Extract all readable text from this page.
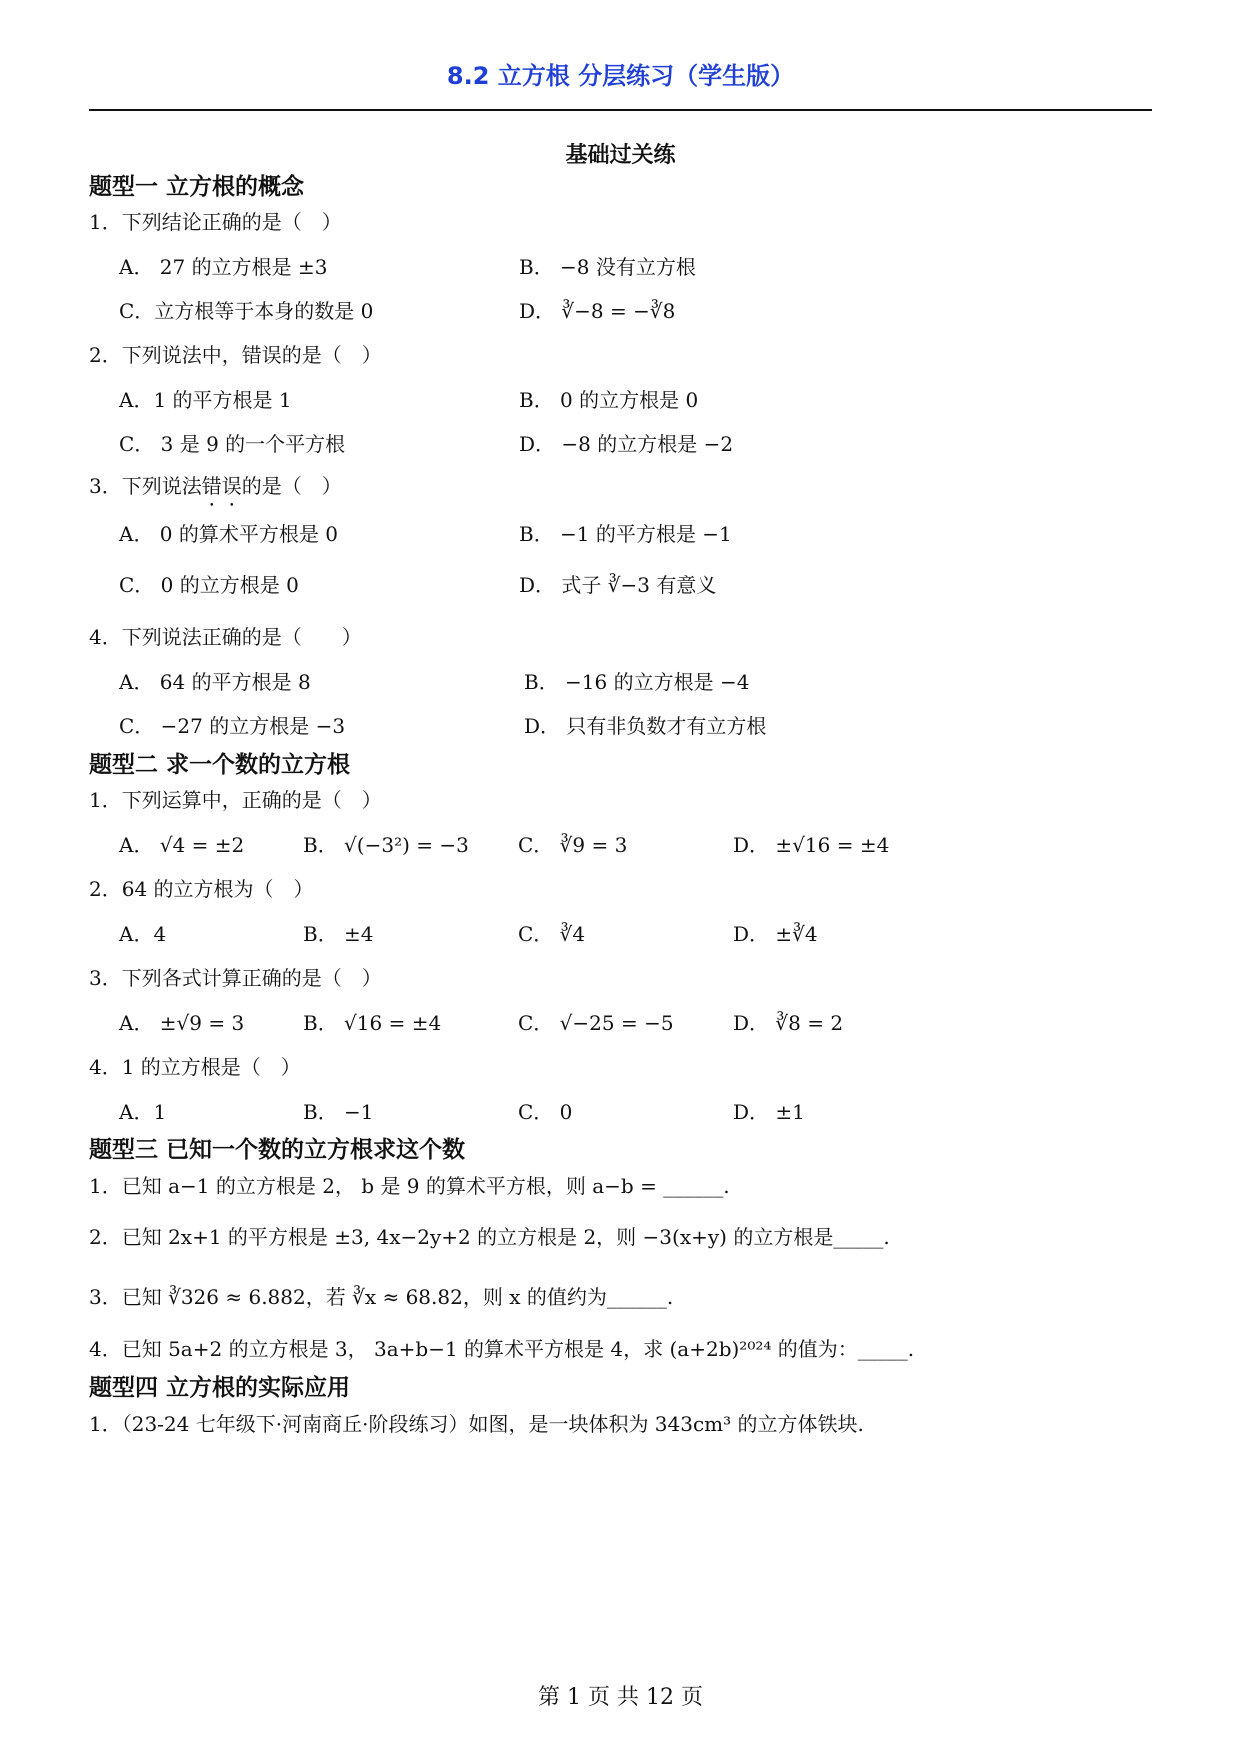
8.2 立方根 分层练习（学生版）
基础过关练
题型一 立方根的概念
1．下列结论正确的是（　）
A． 27 的立方根是 ±3	B． −8 没有立方根
C．立方根等于本身的数是 0	D． ∛−8 = −∛8
2．下列说法中，错误的是（　）
A．1 的平方根是 1	B． 0 的立方根是 0
C． 3 是 9 的一个平方根	D． −8 的立方根是 −2
3．下列说法错误的是（　）
A． 0 的算术平方根是 0	B． −1 的平方根是 −1
C． 0 的立方根是 0	D． 式子 ∛−3 有意义
4．下列说法正确的是（　　）
A． 64 的平方根是 8	B． −16 的立方根是 −4
C． −27 的立方根是 −3	D． 只有非负数才有立方根
题型二 求一个数的立方根
1．下列运算中，正确的是（　）
A． √4 = ±2	B． √(−3²) = −3 C． ∛9 = 3	D． ±√16 = ±4
2．64 的立方根为（　）
A．4	B． ±4	C． ∛4	D． ±∛4
3．下列各式计算正确的是（　）
A． ±√9 = 3	B． √16 = ±4	C． √−25 = −5	D． ∛8 = 2
4．1 的立方根是（　）
A．1	B． −1	C． 0	D． ±1
题型三 已知一个数的立方根求这个数
1．已知 a−1 的立方根是 2， b 是 9 的算术平方根，则 a−b = ______.
2．已知 2x+1 的平方根是 ±3, 4x−2y+2 的立方根是 2，则 −3(x+y) 的立方根是_____.
3．已知 ∛326 ≈ 6.882，若 ∛x ≈ 68.82，则 x 的值约为______.
4．已知 5a+2 的立方根是 3， 3a+b−1 的算术平方根是 4，求 (a+2b)²⁰²⁴ 的值为：_____.
题型四 立方根的实际应用
1．（23-24 七年级下·河南商丘·阶段练习）如图，是一块体积为 343cm³ 的立方体铁块.
第 1 页 共 12 页
